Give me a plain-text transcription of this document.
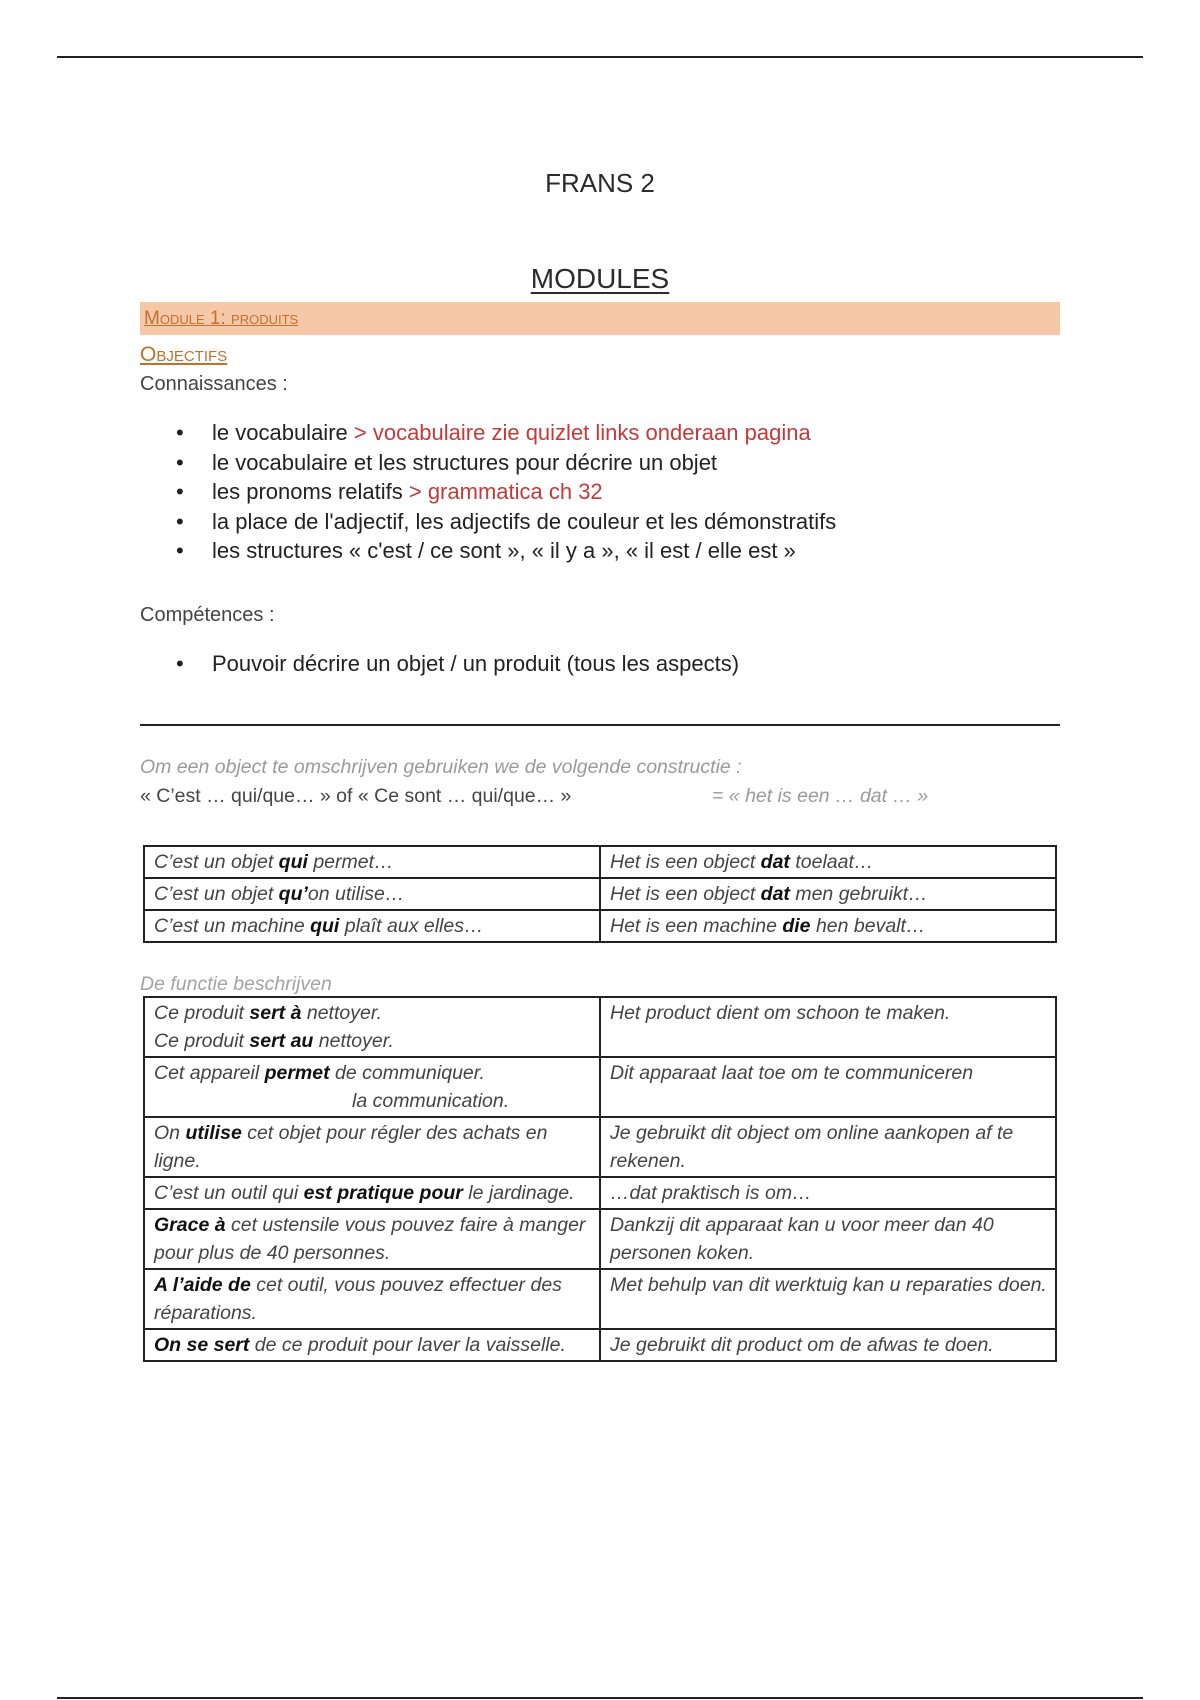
FRANS 2
MODULES
Module 1: produits
Objectifs
Connaissances :
• le vocabulaire > vocabulaire zie quizlet links onderaan pagina
• le vocabulaire et les structures pour décrire un objet
• les pronoms relatifs > grammatica ch 32
• la place de l'adjectif, les adjectifs de couleur et les démonstratifs
• les structures « c'est / ce sont », « il y a », « il est / elle est »
Compétences :
• Pouvoir décrire un objet / un produit (tous les aspects)
Om een object te omschrijven gebruiken we de volgende constructie :
« C’est … qui/que… » of « Ce sont … qui/que… »	= « het is een … dat … »
C’est un objet qui permet…	Het is een object dat toelaat…
C’est un objet qu’on utilise…	Het is een object dat men gebruikt…
C’est un machine qui plaît aux elles…	Het is een machine die hen bevalt…
De functie beschrijven
Ce produit sert à nettoyer.
Ce produit sert au nettoyer.	Het product dient om schoon te maken.
Cet appareil permet de communiquer.
la communication.	Dit apparaat laat toe om te communiceren
On utilise cet objet pour régler des achats en ligne.	Je gebruikt dit object om online aankopen af te rekenen.
C’est un outil qui est pratique pour le jardinage.	…dat praktisch is om…
Grace à cet ustensile vous pouvez faire à manger pour plus de 40 personnes.	Dankzij dit apparaat kan u voor meer dan 40 personen koken.
A l’aide de cet outil, vous pouvez effectuer des réparations.	Met behulp van dit werktuig kan u reparaties doen.
On se sert de ce produit pour laver la vaisselle.	Je gebruikt dit product om de afwas te doen.
